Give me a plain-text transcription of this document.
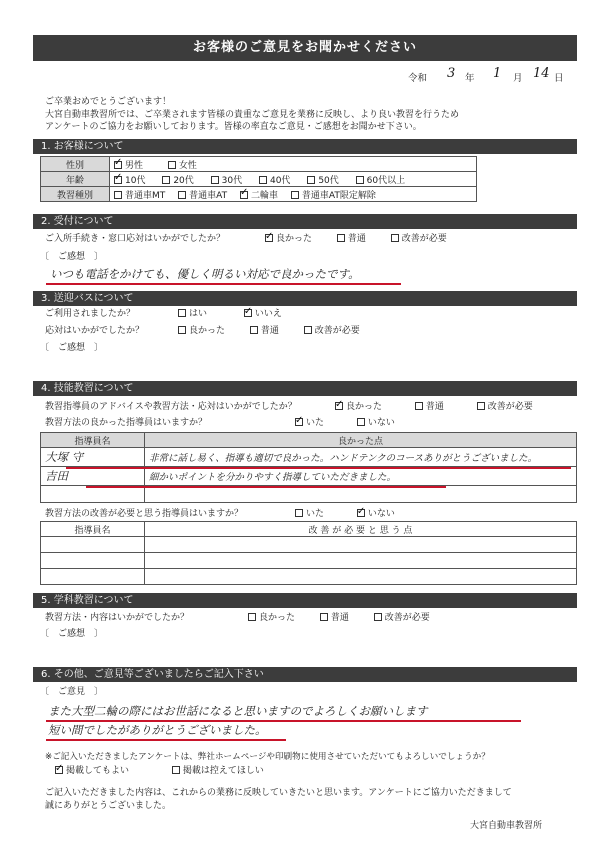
お客様のご意見をお聞かせください
令和 3 年 1 月 14 日
ご卒業おめでとうございます！
大宮自動車教習所では、ご卒業されます皆様の貴重なご意見を業務に反映し、より良い教習を行うため
アンケートのご協力をお願いしております。皆様の率直なご意見・ご感想をお聞かせ下さい。
1. お客様について
性別	✓男性 女性
年齢	✓10代 20代 30代 40代 50代 60代以上
教習種別	普通車MT 普通車AT ✓ 二輪車 普通車AT限定解除
2. 受付について
ご入所手続き・窓口応対はいかがでしたか？ ✓	良かった	普通	改善が必要
〔　ご感想　〕
いつも電話をかけても、優しく明るい対応で良かったです。
3. 送迎バスについて
ご利用されましたか？	はい ✓	いいえ
応対はいかがでしたか？	良かった	普通	改善が必要
〔　ご感想　〕
4. 技能教習について
教習指導員のアドバイスや教習方法・応対はいかがでしたか？ ✓	良かった	普通	改善が必要
教習方法の良かった指導員はいますか？ ✓	いた	いない
指導員名	良かった点
大塚 守	非常に話し易く、指導も適切で良かった。ハンドテンクのコースありがとうございました。
吉田	細かいポイントを分かりやすく指導していただきました。

教習方法の改善が必要と思う指導員はいますか？	いた ✓	いない
指導員名	改 善 が 必 要 と 思 う 点

5. 学科教習について
教習方法・内容はいかがでしたか？	良かった	普通	改善が必要
〔　ご感想　〕
6. その他、ご意見等ございましたらご記入下さい
〔　ご意見　〕
また大型二輪の際にはお世話になると思いますのでよろしくお願いします
短い間でしたがありがとうございました。
※ご記入いただきましたアンケートは、弊社ホームページや印刷物に使用させていただいてもよろしいでしょうか？
✓掲載してもよい	掲載は控えてほしい
ご記入いただきました内容は、これからの業務に反映していきたいと思います。アンケートにご協力いただきまして
誠にありがとうございました。
大宮自動車教習所
